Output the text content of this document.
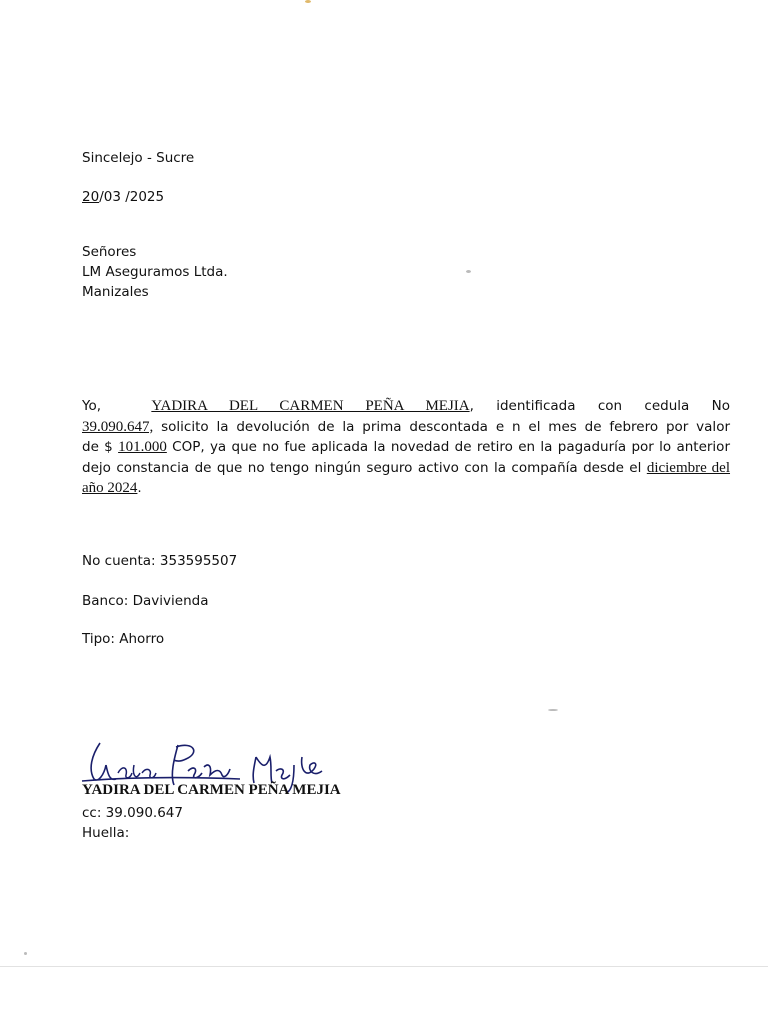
Sincelejo - Sucre
20/03 /2025
Señores
LM Aseguramos Ltda.
Manizales
Yo,	YADIRA DEL CARMEN PEÑA MEJIA, identificada con cedula No
39.090.647, solicito la devolución de la prima descontada e n el mes de febrero por valor
de $ 101.000 COP, ya que no fue aplicada la novedad de retiro en la pagaduría por lo anterior
dejo constancia de que no tengo ningún seguro activo con la compañía desde el diciembre del
año 2024.
No cuenta: 353595507
Banco: Davivienda
Tipo: Ahorro
YADIRA DEL CARMEN PEÑA MEJIA
cc: 39.090.647
Huella:
